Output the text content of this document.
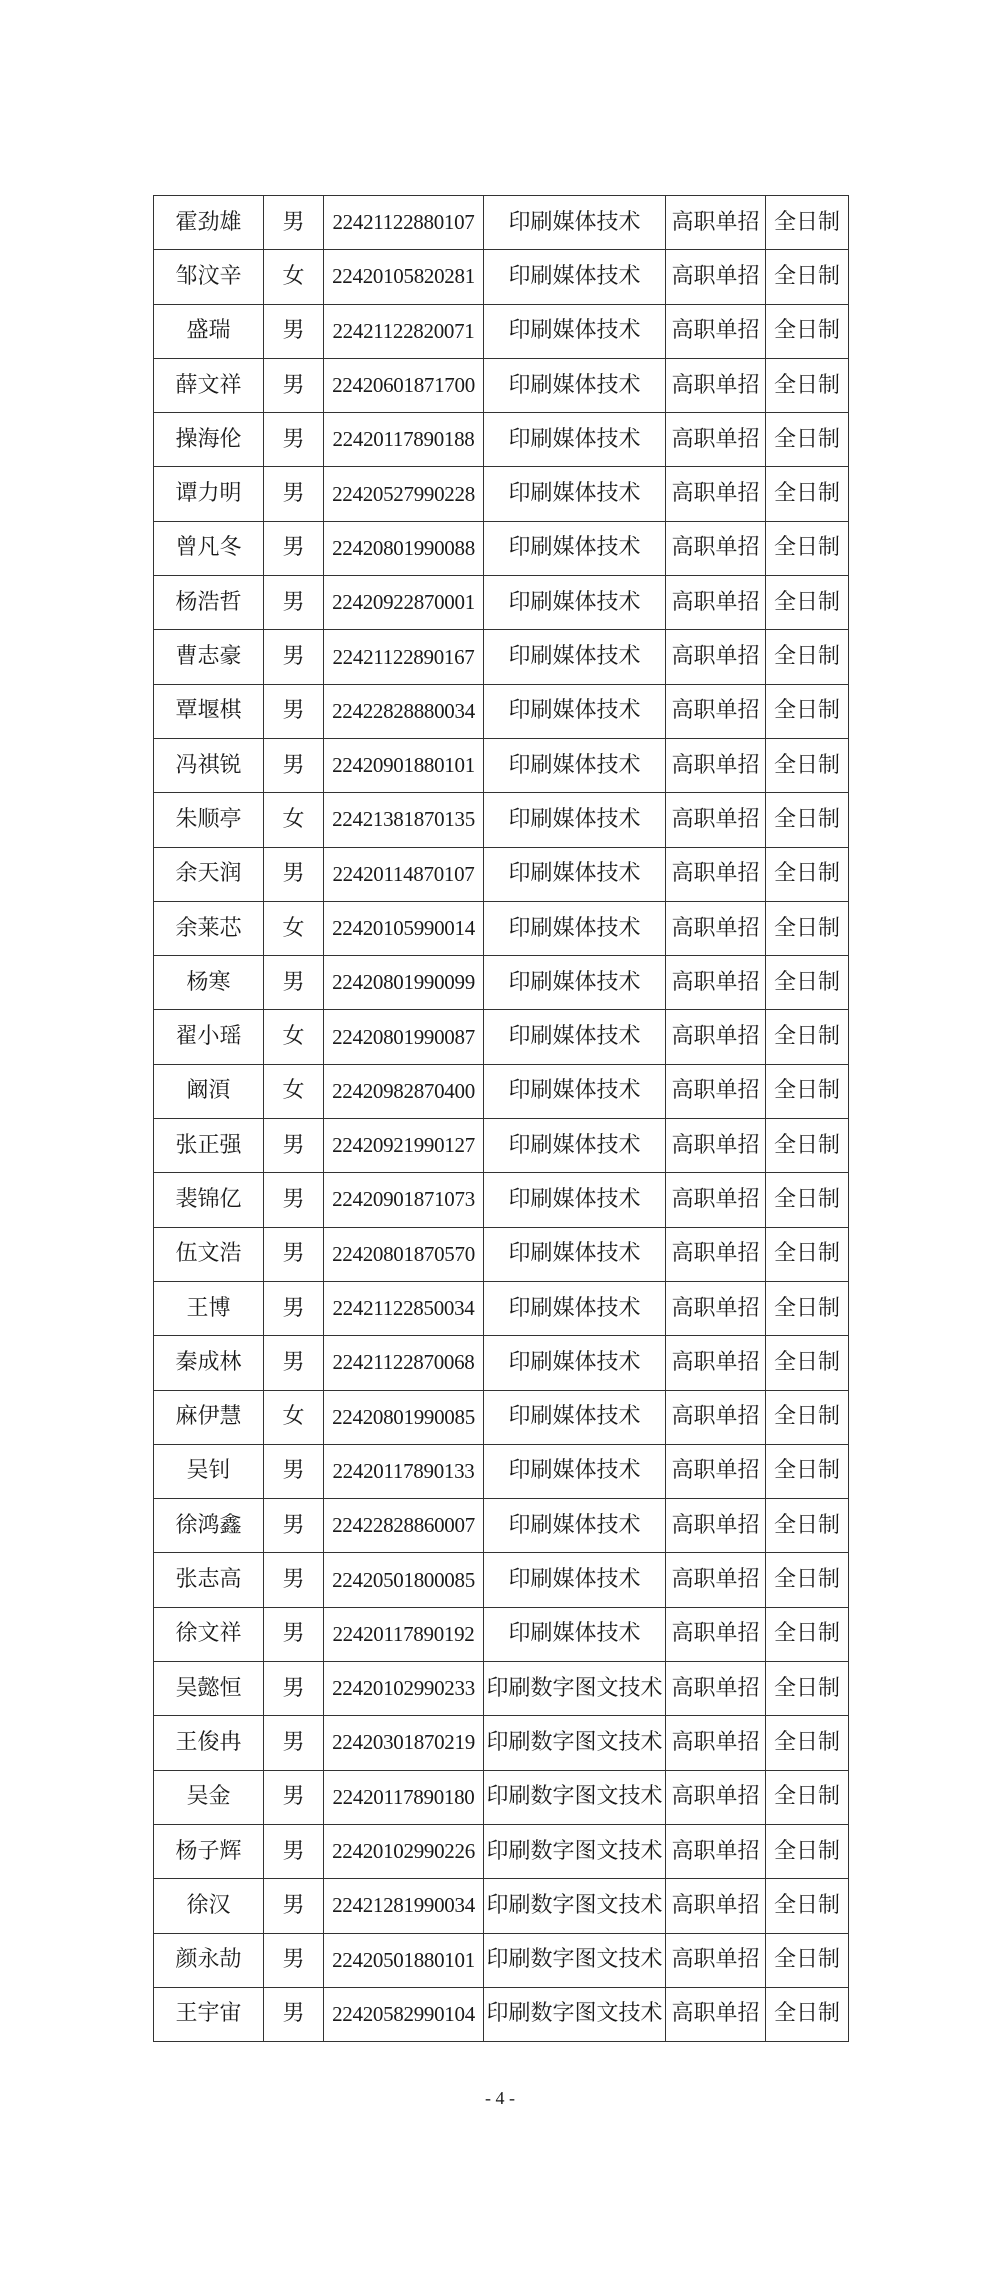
霍劲雄	男	22421122880107	印刷媒体技术	高职单招	全日制
邹汶辛	女	22420105820281	印刷媒体技术	高职单招	全日制
盛瑞	男	22421122820071	印刷媒体技术	高职单招	全日制
薛文祥	男	22420601871700	印刷媒体技术	高职单招	全日制
操海伦	男	22420117890188	印刷媒体技术	高职单招	全日制
谭力明	男	22420527990228	印刷媒体技术	高职单招	全日制
曾凡冬	男	22420801990088	印刷媒体技术	高职单招	全日制
杨浩哲	男	22420922870001	印刷媒体技术	高职单招	全日制
曹志豪	男	22421122890167	印刷媒体技术	高职单招	全日制
覃堰棋	男	22422828880034	印刷媒体技术	高职单招	全日制
冯祺锐	男	22420901880101	印刷媒体技术	高职单招	全日制
朱顺亭	女	22421381870135	印刷媒体技术	高职单招	全日制
余天润	男	22420114870107	印刷媒体技术	高职单招	全日制
余莱芯	女	22420105990014	印刷媒体技术	高职单招	全日制
杨寒	男	22420801990099	印刷媒体技术	高职单招	全日制
翟小瑶	女	22420801990087	印刷媒体技术	高职单招	全日制
阚湏	女	22420982870400	印刷媒体技术	高职单招	全日制
张正强	男	22420921990127	印刷媒体技术	高职单招	全日制
裴锦亿	男	22420901871073	印刷媒体技术	高职单招	全日制
伍文浩	男	22420801870570	印刷媒体技术	高职单招	全日制
王博	男	22421122850034	印刷媒体技术	高职单招	全日制
秦成林	男	22421122870068	印刷媒体技术	高职单招	全日制
麻伊慧	女	22420801990085	印刷媒体技术	高职单招	全日制
吴钊	男	22420117890133	印刷媒体技术	高职单招	全日制
徐鸿鑫	男	22422828860007	印刷媒体技术	高职单招	全日制
张志高	男	22420501800085	印刷媒体技术	高职单招	全日制
徐文祥	男	22420117890192	印刷媒体技术	高职单招	全日制
吴懿恒	男	22420102990233	印刷数字图文技术	高职单招	全日制
王俊冉	男	22420301870219	印刷数字图文技术	高职单招	全日制
吴金	男	22420117890180	印刷数字图文技术	高职单招	全日制
杨子辉	男	22420102990226	印刷数字图文技术	高职单招	全日制
徐汉	男	22421281990034	印刷数字图文技术	高职单招	全日制
颜永劼	男	22420501880101	印刷数字图文技术	高职单招	全日制
王宇宙	男	22420582990104	印刷数字图文技术	高职单招	全日制
- 4 -
